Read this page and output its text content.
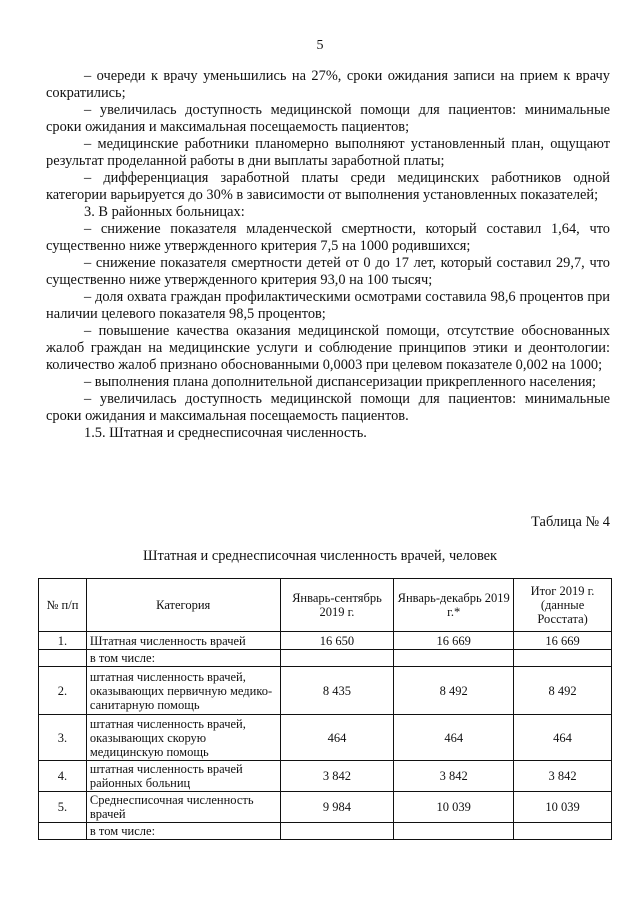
5

– очереди к врачу уменьшились на 27%, сроки ожидания записи на прием к врачу сократились;

– увеличилась доступность медицинской помощи для пациентов: минимальные сроки ожидания и максимальная посещаемость пациентов;

– медицинские работники планомерно выполняют установленный план, ощущают результат проделанной работы в дни выплаты заработной платы;

– дифференциация заработной платы среди медицинских работников одной категории варьируется до 30% в зависимости от выполнения установленных показателей;

3. В районных больницах:

– снижение показателя младенческой смертности, который составил 1,64, что существенно ниже утвержденного критерия 7,5 на 1000 родившихся;

– снижение показателя смертности детей от 0 до 17 лет, который составил 29,7, что существенно ниже утвержденного критерия 93,0 на 100 тысяч;

– доля охвата граждан профилактическими осмотрами составила 98,6 процентов при наличии целевого показателя 98,5 процентов;

– повышение качества оказания медицинской помощи, отсутствие обоснованных жалоб граждан на медицинские услуги и соблюдение принципов этики и деонтологии: количество жалоб признано обоснованными 0,0003 при целевом показателе 0,002 на 1000;

– выполнения плана дополнительной диспансеризации прикрепленного населения;

– увеличилась доступность медицинской помощи для пациентов: минимальные сроки ожидания и максимальная посещаемость пациентов.

1.5. Штатная и среднесписочная численность.

Таблица № 4
Штатная и среднесписочная численность врачей, человек
№ п/п	Категория	Январь-сентябрь 2019 г.	Январь-декабрь 2019 г.*	Итог 2019 г. (данные Росстата)
1.	Штатная численность врачей	16 650	16 669	16 669
	в том числе:			
2.	штатная численность врачей, оказывающих первичную медико-санитарную помощь	8 435	8 492	8 492
3.	штатная численность врачей, оказывающих скорую медицинскую помощь	464	464	464
4.	штатная численность врачей районных больниц	3 842	3 842	3 842
5.	Среднесписочная численность врачей	9 984	10 039	10 039
	в том числе:			
